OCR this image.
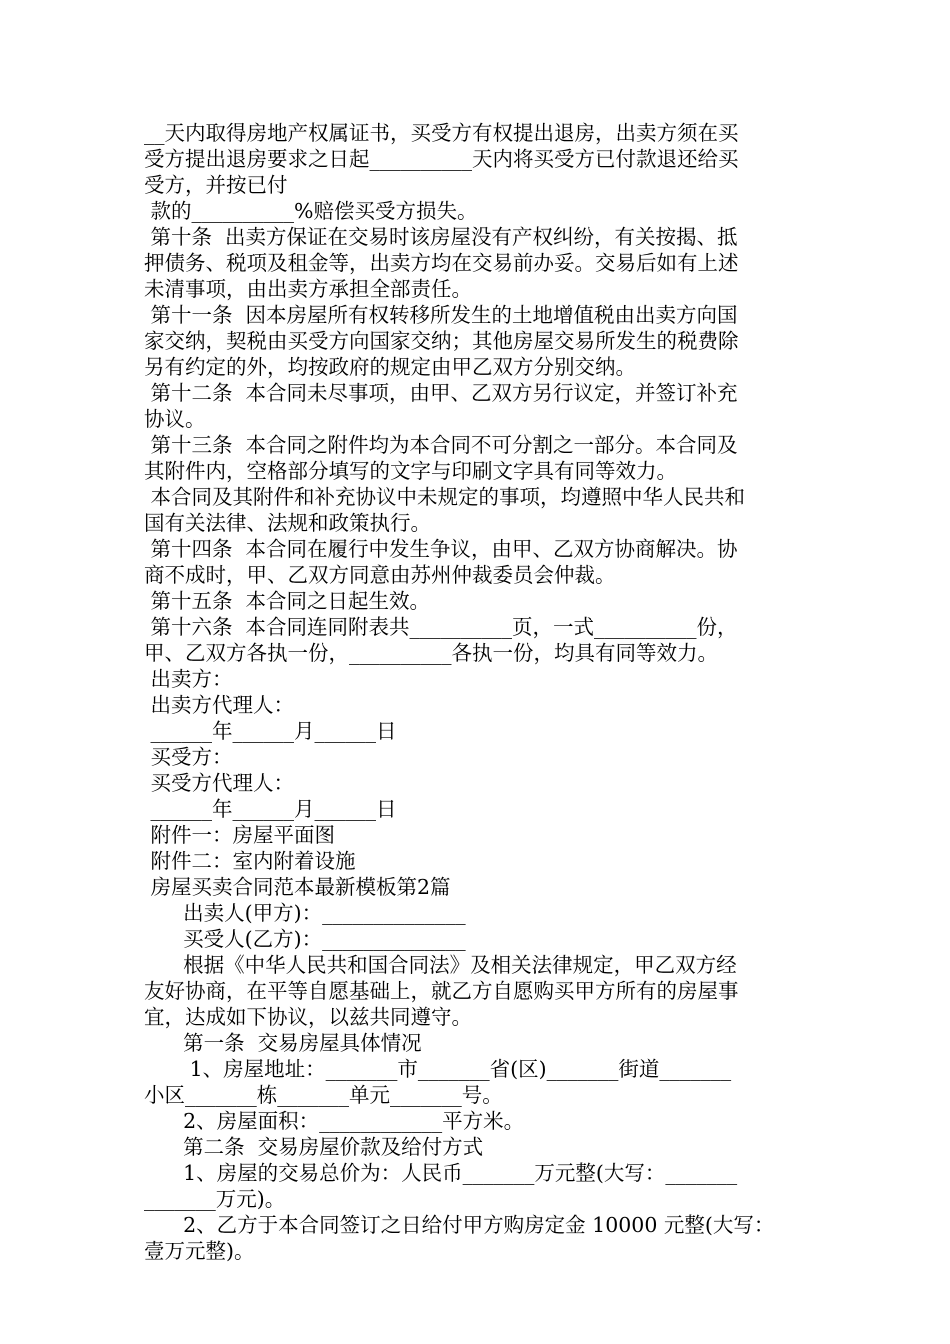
__天内取得房地产权属证书，买受方有权提出退房，出卖方须在买
受方提出退房要求之日起__________天内将买受方已付款退还给买
受方，并按已付
款的__________%赔偿买受方损失。
第十条  出卖方保证在交易时该房屋没有产权纠纷，有关按揭、抵
押债务、税项及租金等，出卖方均在交易前办妥。交易后如有上述
未清事项，由出卖方承担全部责任。
第十一条  因本房屋所有权转移所发生的土地增值税由出卖方向国
家交纳，契税由买受方向国家交纳；其他房屋交易所发生的税费除
另有约定的外，均按政府的规定由甲乙双方分别交纳。
第十二条  本合同未尽事项，由甲、乙双方另行议定，并签订补充
协议。
第十三条  本合同之附件均为本合同不可分割之一部分。本合同及
其附件内，空格部分填写的文字与印刷文字具有同等效力。
本合同及其附件和补充协议中未规定的事项，均遵照中华人民共和
国有关法律、法规和政策执行。
第十四条  本合同在履行中发生争议，由甲、乙双方协商解决。协
商不成时，甲、乙双方同意由苏州仲裁委员会仲裁。
第十五条  本合同之日起生效。
第十六条  本合同连同附表共__________页，一式__________份，
甲、乙双方各执一份，__________各执一份，均具有同等效力。
出卖方：
出卖方代理人：
______年______月______日
买受方：
买受方代理人：
______年______月______日
附件一：房屋平面图
附件二：室内附着设施
房屋买卖合同范本最新模板第2篇
出卖人(甲方)：______________
买受人(乙方)：______________
根据《中华人民共和国合同法》及相关法律规定，甲乙双方经
友好协商，在平等自愿基础上，就乙方自愿购买甲方所有的房屋事
宜，达成如下协议，以兹共同遵守。
第一条  交易房屋具体情况
1、房屋地址：_______市_______省(区)_______街道_______
小区_______栋_______单元_______号。
2、房屋面积：____________平方米。
第二条  交易房屋价款及给付方式
1、房屋的交易总价为：人民币_______万元整(大写：_______
_______万元)。
2、乙方于本合同签订之日给付甲方购房定金 10000 元整(大写：
壹万元整)。
